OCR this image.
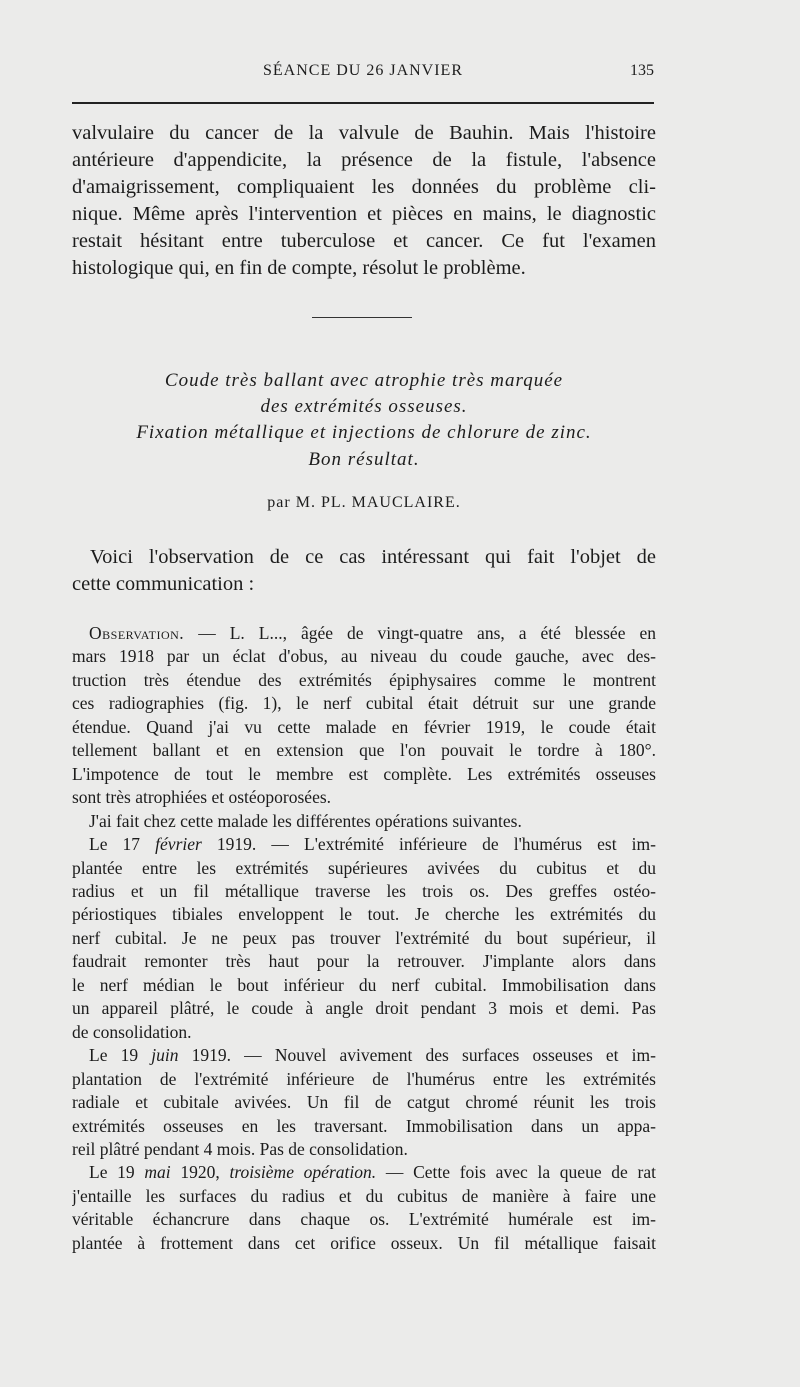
SÉANCE DU 26 JANVIER	135
valvulaire du cancer de la valvule de Bauhin. Mais l'histoire
antérieure d'appendicite, la présence de la fistule, l'absence
d'amaigrissement, compliquaient les données du problème cli-
nique. Même après l'intervention et pièces en mains, le diagnostic
restait hésitant entre tuberculose et cancer. Ce fut l'examen
histologique qui, en fin de compte, résolut le problème.
Coude très ballant avec atrophie très marquée
des extrémités osseuses.
Fixation métallique et injections de chlorure de zinc.
Bon résultat.
par M. PL. MAUCLAIRE.
Voici l'observation de ce cas intéressant qui fait l'objet de
cette communication :
Observation. — L. L..., âgée de vingt-quatre ans, a été blessée en
mars 1918 par un éclat d'obus, au niveau du coude gauche, avec des-
truction très étendue des extrémités épiphysaires comme le montrent
ces radiographies (fig. 1), le nerf cubital était détruit sur une grande
étendue. Quand j'ai vu cette malade en février 1919, le coude était
tellement ballant et en extension que l'on pouvait le tordre à 180°.
L'impotence de tout le membre est complète. Les extrémités osseuses
sont très atrophiées et ostéoporosées.
J'ai fait chez cette malade les différentes opérations suivantes.
Le 17 février 1919. — L'extrémité inférieure de l'humérus est im-
plantée entre les extrémités supérieures avivées du cubitus et du
radius et un fil métallique traverse les trois os. Des greffes ostéo-
périostiques tibiales enveloppent le tout. Je cherche les extrémités du
nerf cubital. Je ne peux pas trouver l'extrémité du bout supérieur, il
faudrait remonter très haut pour la retrouver. J'implante alors dans
le nerf médian le bout inférieur du nerf cubital. Immobilisation dans
un appareil plâtré, le coude à angle droit pendant 3 mois et demi. Pas
de consolidation.
Le 19 juin 1919. — Nouvel avivement des surfaces osseuses et im-
plantation de l'extrémité inférieure de l'humérus entre les extrémités
radiale et cubitale avivées. Un fil de catgut chromé réunit les trois
extrémités osseuses en les traversant. Immobilisation dans un appa-
reil plâtré pendant 4 mois. Pas de consolidation.
Le 19 mai 1920, troisième opération. — Cette fois avec la queue de rat
j'entaille les surfaces du radius et du cubitus de manière à faire une
véritable échancrure dans chaque os. L'extrémité humérale est im-
plantée à frottement dans cet orifice osseux. Un fil métallique faisait
